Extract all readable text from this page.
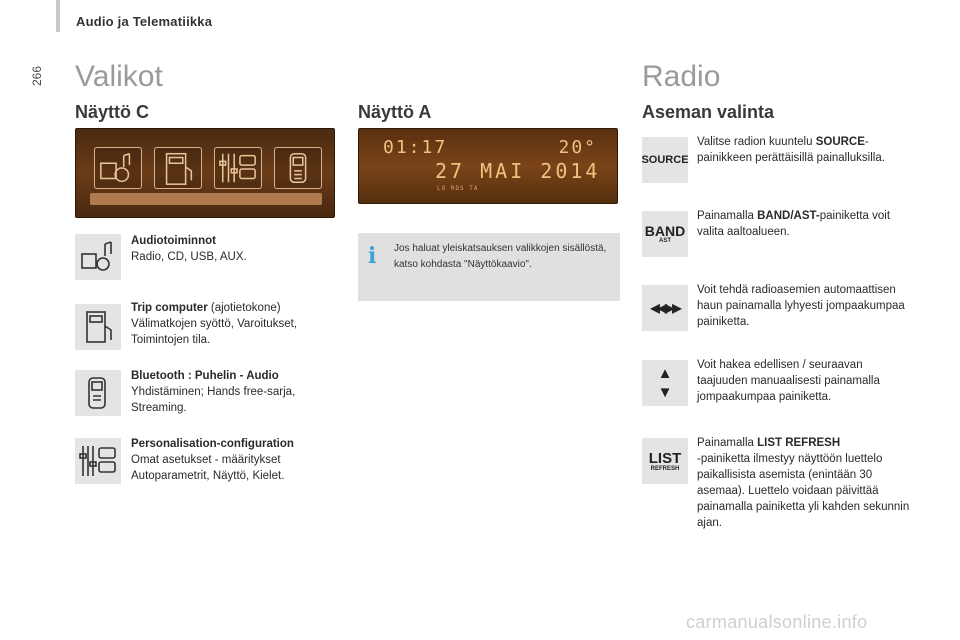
Audio ja Telematiikka
266 Valikot
Näyttö C
Audiotoiminnot
Radio, CD, USB, AUX.
Trip computer (ajotietokone)
Välimatkojen syöttö, Varoitukset, Toimintojen tila.
Bluetooth : Puhelin - Audio
Yhdistäminen; Hands free-sarja, Streaming.
Personalisation-configuration
Omat asetukset - määritykset Autoparametrit, Näyttö, Kielet.
Näyttö A
01:17	20°
27 MAI 2014
LO RDS TA
i Jos haluat yleiskatsauksen valikkojen sisällöstä, katso kohdasta "Näyttökaavio".
Radio
Aseman valinta
SOURCE
Valitse radion kuuntelu SOURCE-painikkeen perättäisillä painalluksilla.
BAND
AST
Painamalla BAND/AST-painiketta voit valita aaltoalueen.
◀◀▶▶
Voit tehdä radioasemien automaattisen haun painamalla lyhyesti jompaakumpaa painiketta.
▲
▼
Voit hakea edellisen / seuraavan taajuuden manuaalisesti painamalla jompaakumpaa painiketta.
LIST
REFRESH
Painamalla LIST REFRESH
-painiketta ilmestyy näyttöön luettelo paikallisista asemista (enintään 30 asemaa). Luettelo voidaan päivittää painamalla painiketta yli kahden sekunnin ajan.
carmanualsonline.info
